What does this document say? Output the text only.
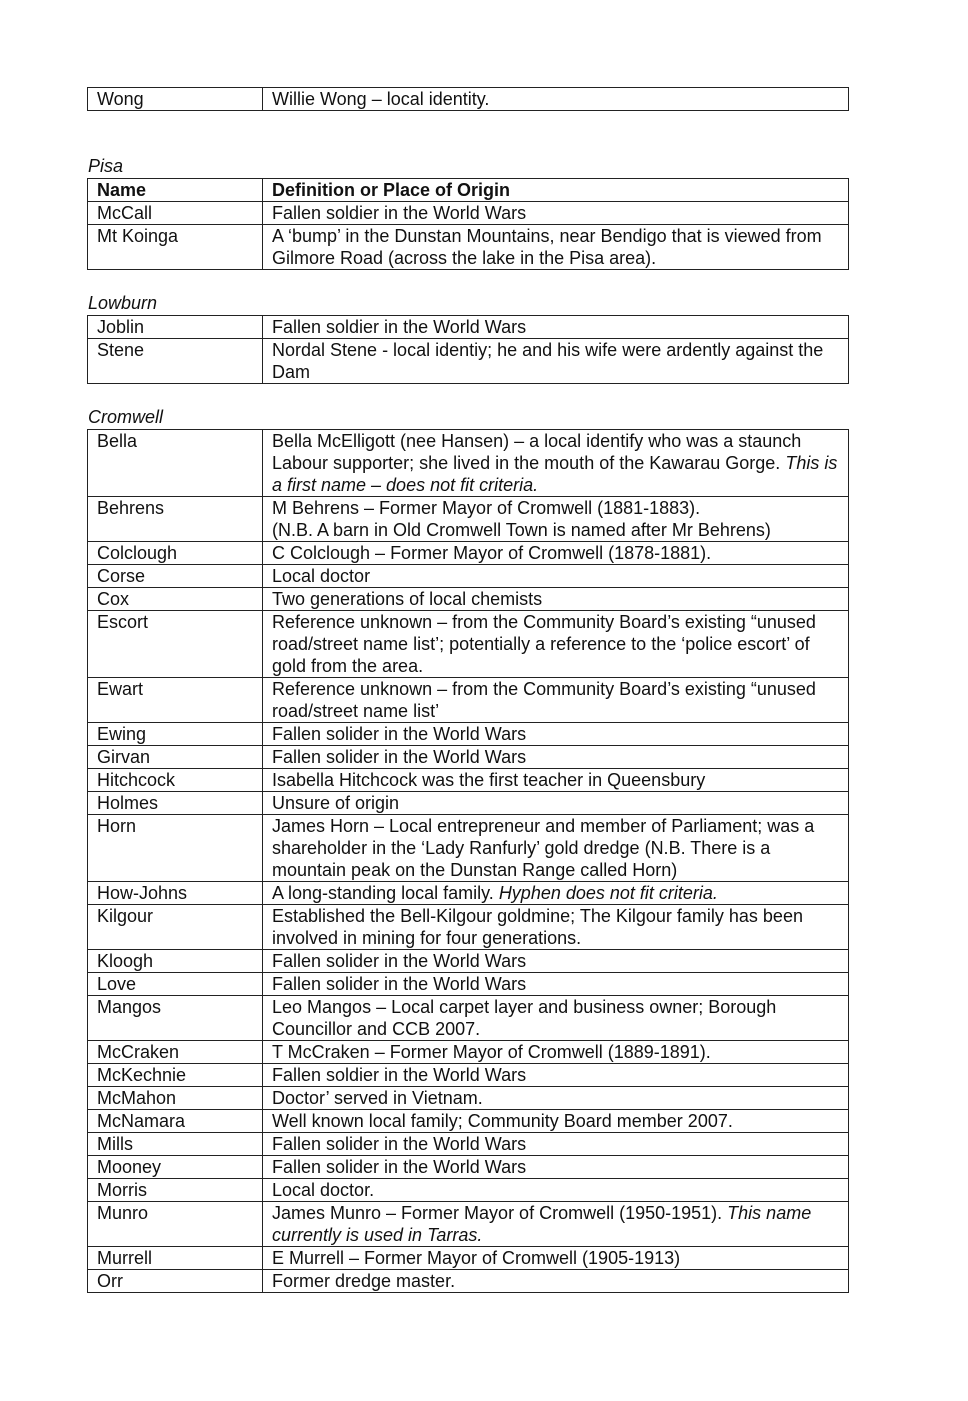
Wong	Willie Wong – local identity.

Pisa

Name	Definition or Place of Origin
McCall	Fallen soldier in the World Wars
Mt Koinga	A ‘bump’ in the Dunstan Mountains, near Bendigo that is viewed from Gilmore Road (across the lake in the Pisa area).

Lowburn

Joblin	Fallen soldier in the World Wars
Stene	Nordal Stene - local identiy; he and his wife were ardently against the Dam

Cromwell

Bella	Bella McElligott (nee Hansen) – a local identify who was a staunch Labour supporter; she lived in the mouth of the Kawarau Gorge. This is a first name – does not fit criteria.
Behrens	M Behrens – Former Mayor of Cromwell (1881-1883).
(N.B. A barn in Old Cromwell Town is named after Mr Behrens)
Colclough	C Colclough – Former Mayor of Cromwell (1878-1881).
Corse	Local doctor
Cox	Two generations of local chemists
Escort	Reference unknown – from the Community Board’s existing “unused road/street name list’; potentially a reference to the ‘police escort’ of gold from the area.
Ewart	Reference unknown – from the Community Board’s existing “unused road/street name list’
Ewing	Fallen solider in the World Wars
Girvan	Fallen solider in the World Wars
Hitchcock	Isabella Hitchcock was the first teacher in Queensbury
Holmes	Unsure of origin
Horn	James Horn – Local entrepreneur and member of Parliament; was a shareholder in the ‘Lady Ranfurly’ gold dredge (N.B. There is a mountain peak on the Dunstan Range called Horn)
How-Johns	A long-standing local family. Hyphen does not fit criteria.
Kilgour	Established the Bell-Kilgour goldmine; The Kilgour family has been involved in mining for four generations.
Kloogh	Fallen solider in the World Wars
Love	Fallen solider in the World Wars
Mangos	Leo Mangos – Local carpet layer and business owner; Borough Councillor and CCB 2007.
McCraken	T McCraken – Former Mayor of Cromwell (1889-1891).
McKechnie	Fallen soldier in the World Wars
McMahon	Doctor’ served in Vietnam.
McNamara	Well known local family; Community Board member 2007.
Mills	Fallen solider in the World Wars
Mooney	Fallen solider in the World Wars
Morris	Local doctor.
Munro	James Munro – Former Mayor of Cromwell (1950-1951). This name currently is used in Tarras.
Murrell	E Murrell – Former Mayor of Cromwell (1905-1913)
Orr	Former dredge master.
